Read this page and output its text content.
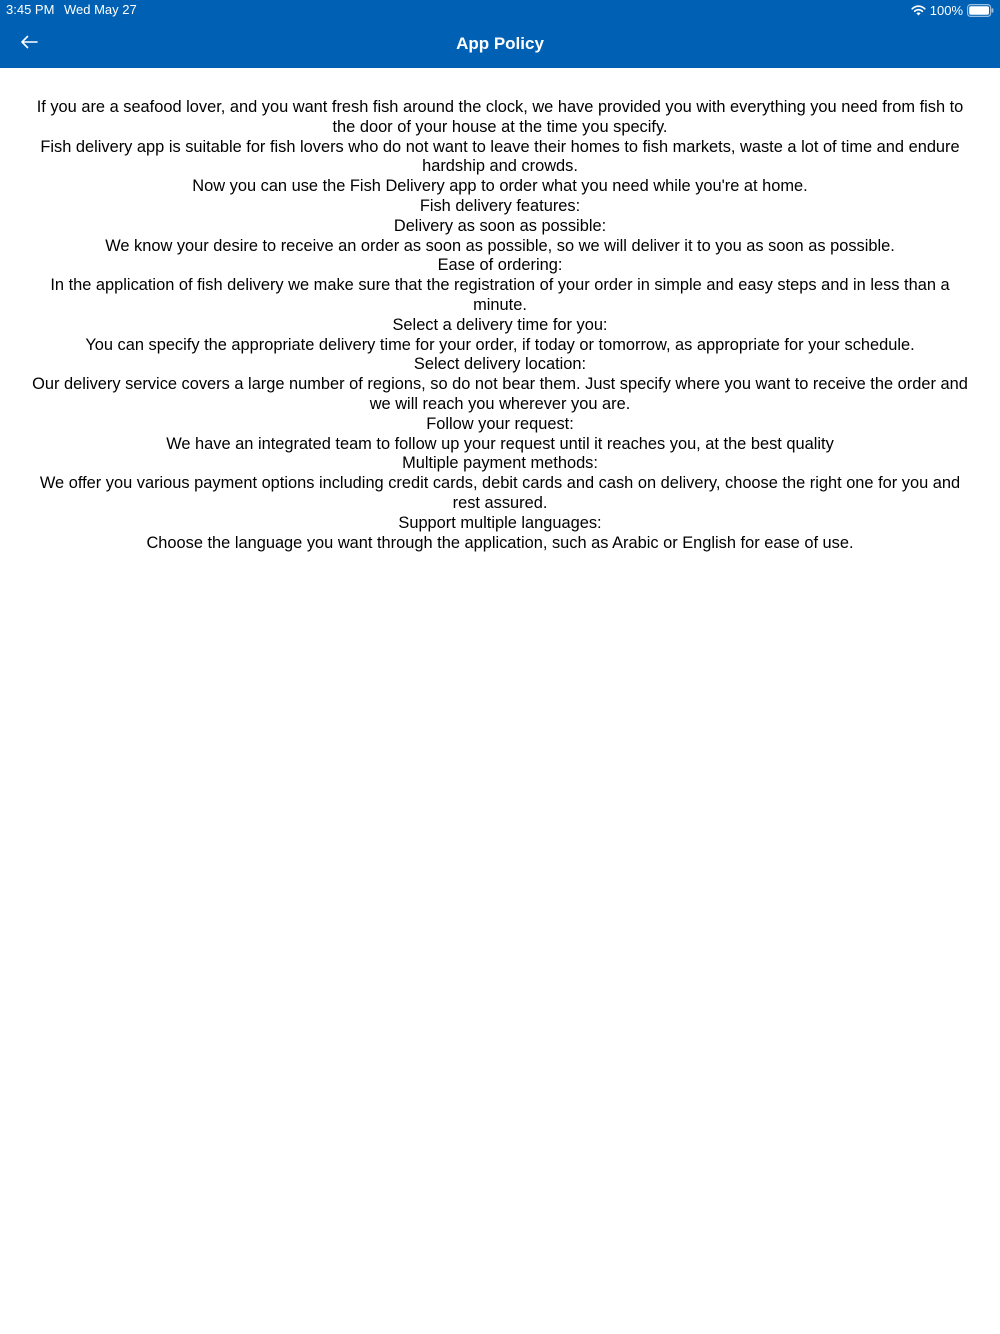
3:45 PM Wed May 27	100%
App Policy

If you are a seafood lover, and you want fresh fish around the clock, we have provided you with everything you need from fish to the door of your house at the time you specify.

Fish delivery app is suitable for fish lovers who do not want to leave their homes to fish markets, waste a lot of time and endure hardship and crowds.

Now you can use the Fish Delivery app to order what you need while you're at home.

Fish delivery features:

Delivery as soon as possible:

We know your desire to receive an order as soon as possible, so we will deliver it to you as soon as possible.

Ease of ordering:

In the application of fish delivery we make sure that the registration of your order in simple and easy steps and in less than a minute.

Select a delivery time for you:

You can specify the appropriate delivery time for your order, if today or tomorrow, as appropriate for your schedule.

Select delivery location:

Our delivery service covers a large number of regions, so do not bear them. Just specify where you want to receive the order and we will reach you wherever you are.

Follow your request:

We have an integrated team to follow up your request until it reaches you, at the best quality

Multiple payment methods:

We offer you various payment options including credit cards, debit cards and cash on delivery, choose the right one for you and rest assured.

Support multiple languages:

Choose the language you want through the application, such as Arabic or English for ease of use.
